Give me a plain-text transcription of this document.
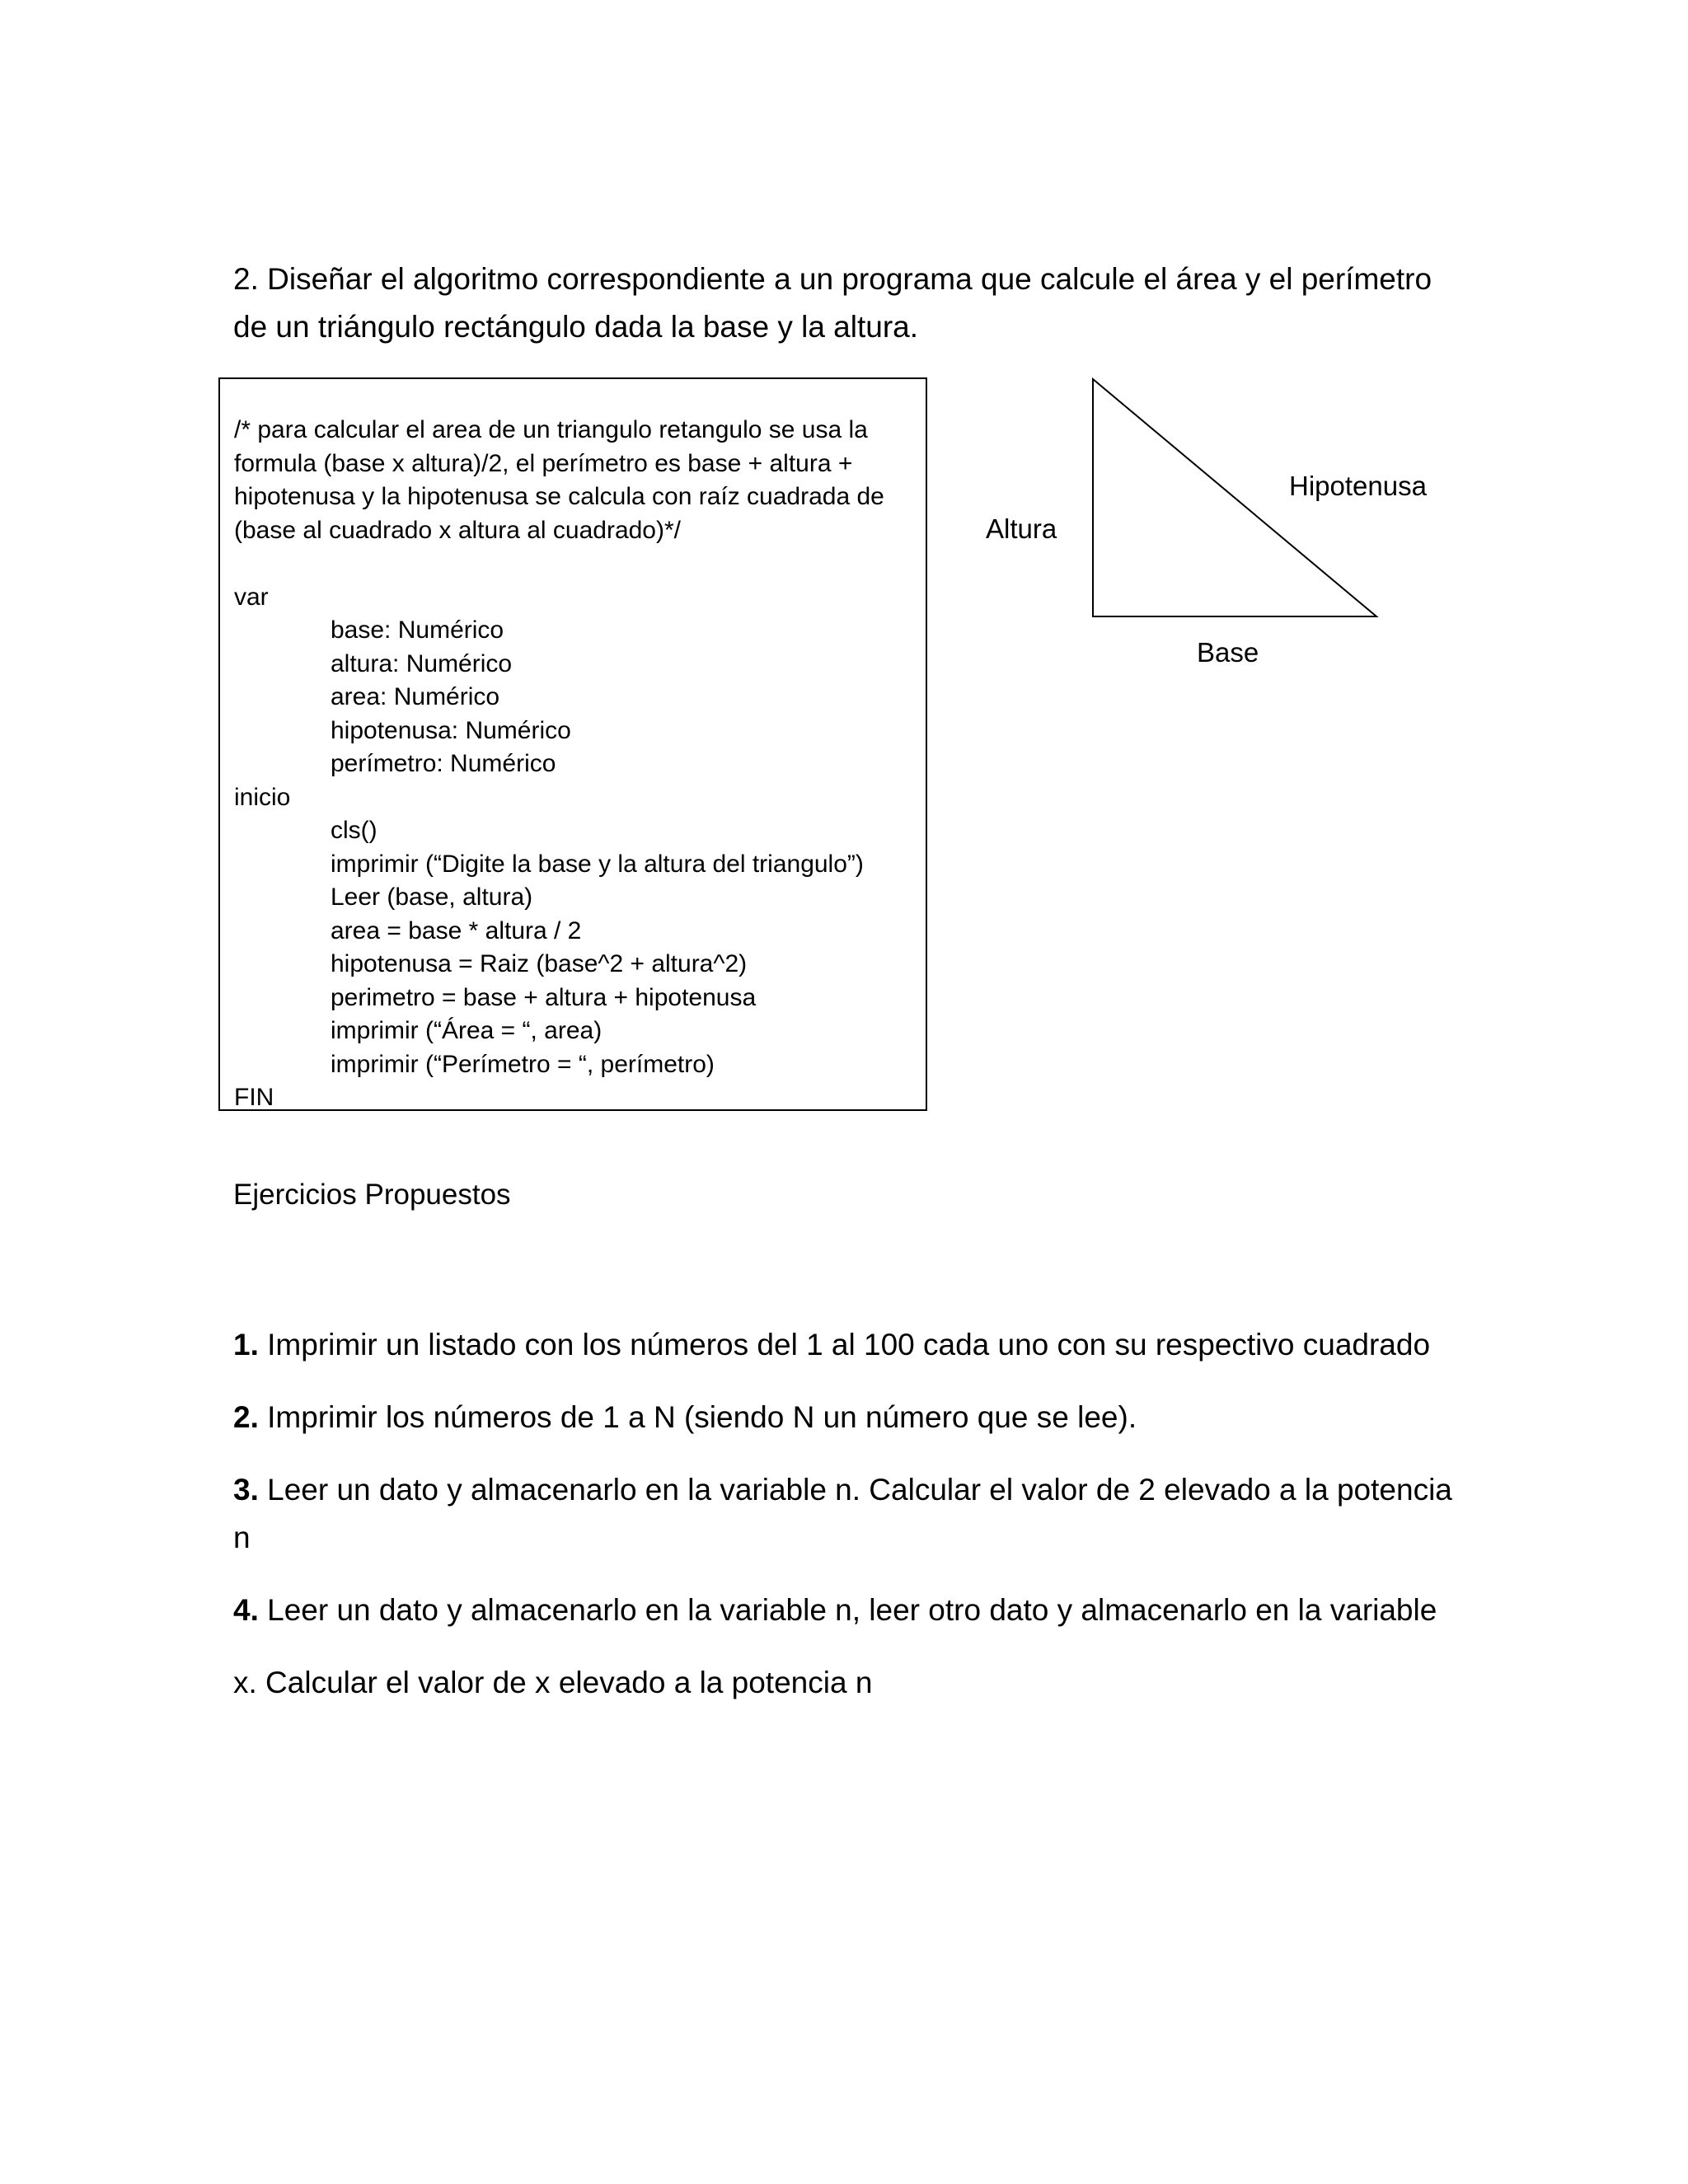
2. Diseñar el algoritmo correspondiente a un programa que calcule el área y el perímetro
de un triángulo rectángulo dada la base y la altura.

/* para calcular el area de un triangulo retangulo se usa la
formula (base x altura)/2, el perímetro es base + altura +
hipotenusa y la hipotenusa se calcula con raíz cuadrada de
(base al cuadrado x altura al cuadrado)*/
var
base: Numérico
altura: Numérico
area: Numérico
hipotenusa: Numérico
perímetro: Numérico
inicio
cls()
imprimir (“Digite la base y la altura del triangulo”)
Leer (base, altura)
area = base * altura / 2
hipotenusa = Raiz (base^2 + altura^2)
perimetro = base + altura + hipotenusa
imprimir (“Área = “, area)
imprimir (“Perímetro = “, perímetro)
FIN
Altura
Hipotenusa
Base
Ejercicios Propuestos

1. Imprimir un listado con los números del 1 al 100 cada uno con su respectivo cuadrado

2. Imprimir los números de 1 a N (siendo N un número que se lee).

3. Leer un dato y almacenarlo en la variable n. Calcular el valor de 2 elevado a la potencia
n

4. Leer un dato y almacenarlo en la variable n, leer otro dato y almacenarlo en la variable

x. Calcular el valor de x elevado a la potencia n
